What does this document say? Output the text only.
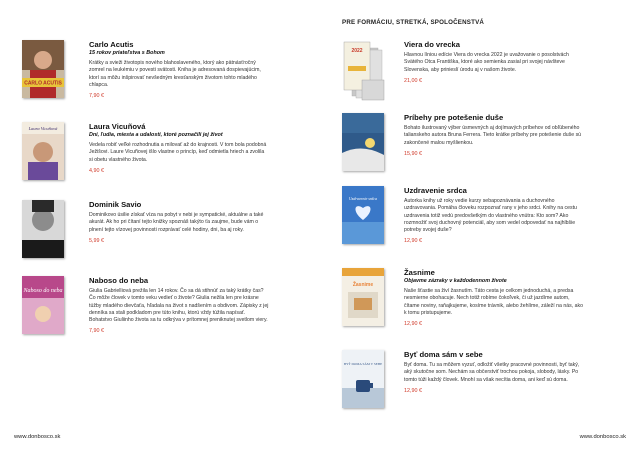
CARLO ACUTIS
Carlo Acutis
15 rokov priateľstva s Bohom
Krátky a svieži životopis nového blahoslaveného, ktorý ako pätnásťročný zomrel na leukémiu v povesti svätosti. Kniha je adresovaná dospievajúcim, ktorí sa môžu inšpirovať nevšedným kresťanským životom tohto mladého chlapca.
7,90 €
Laura Vicuñová	Laura Vicuñová
Dni, ľudia, miesta a udalosti, ktoré poznačili jej život
Vedela robiť veľké rozhodnutia a milovať až do krajnosti. V tom bola podobná Ježišovi. Laure Vicuñovej išlo vlastne o princíp, keď odmietla hriech a zvolila si obetu vlastného života.
4,90 €
Dominik Savio
Dominikovo úsilie získať víza na pobyt v nebi je sympatické, aktuálne a také akurát. Ak ho pri čítaní tejto knižky spoznáš takýto ťa zaujme, bude vám o plnení tejto vízovej povinnosti rozprávať celé hodiny, dni, ba aj roky.
5,99 €
Naboso do neba
Naboso do neba
Giulia Gabrielliová prežila len 14 rokov. Čo sa dá stihnúť za taký krátky čas? Čo môže človek v tomto veku vedieť o živote? Giulia nežila len pre krásne túžby mladého dievčaťa, hľadala na život s nadšením a obdivom. Zápisky z jej denníka sa stali podkladom pre túto knihu, ktorú vždy túžila napísať. Bohatstvo Giuliinho života sa tu odkrýva v prítomnej preniknutej svetlom viery.
7,90 €
www.donbosco.sk
PRE FORMÁCIU, STRETKÁ, SPOLOČENSTVÁ
2022
Viera do vrecka
Hlavnou líniou edície Viera do vrecka 2022 je uvažovanie o posolstvách Svätého Otca Františka, ktoré ako semienka zasial pri svojej návšteve Slovenska, aby prinieslí úrodu aj v našom živote.
21,00 €
Príbehy pre potešenie duše
Bohato ilustrovaný výber úsmevných aj dojímavých príbehov od obľúbeného talianskeho autora Bruna Ferrera. Tieto krátke príbehy pre potešenie duše sú zakončené malou myšlienkou.
15,90 €
Uzdravenie srdca
Uzdravenie srdca
Autorka knihy už roky vedie kurzy sebapoznávania a duchovného uzdravovania. Pomáha človeku rozpoznať rany v jeho srdci. Knihy na cestu uzdravenia totiž vedú predovšetkým do vlastného vnútra: Kto som? Ako rozmnožiť svoj duchovný potenciál, aby som vedel odpovedať na najhlbšie potreby svojej duše?
12,90 €
Žasnime
Žasnime
Objavme zázraky v každodennom živote
Naše šťastie sa živí žasnutím. Táto cesta je celkom jednoduchá, a predsa nesmierne obohacuje. Nech totiž robíme čokoľvek, či už jazdíme autom, čítame noviny, raňajkujeme, kosíme trávnik, alebo žehlíme, záleží na nás, ako k tomu pristupujeme.
12,90 €
BYŤ DOMA SÁM V SEBE
Byť doma sám v sebe
Byť doma. Tu sa môžem vyzuť, odložiť všetky pracovné povinnosti, byť taký, aký skutočne som. Nechám sa občerstviť trochou pokoja, slobody, lásky. Po tomto túži každý človek. Mnohí sa však necítia doma, ani keď sú doma.
12,90 €
www.donbosco.sk
